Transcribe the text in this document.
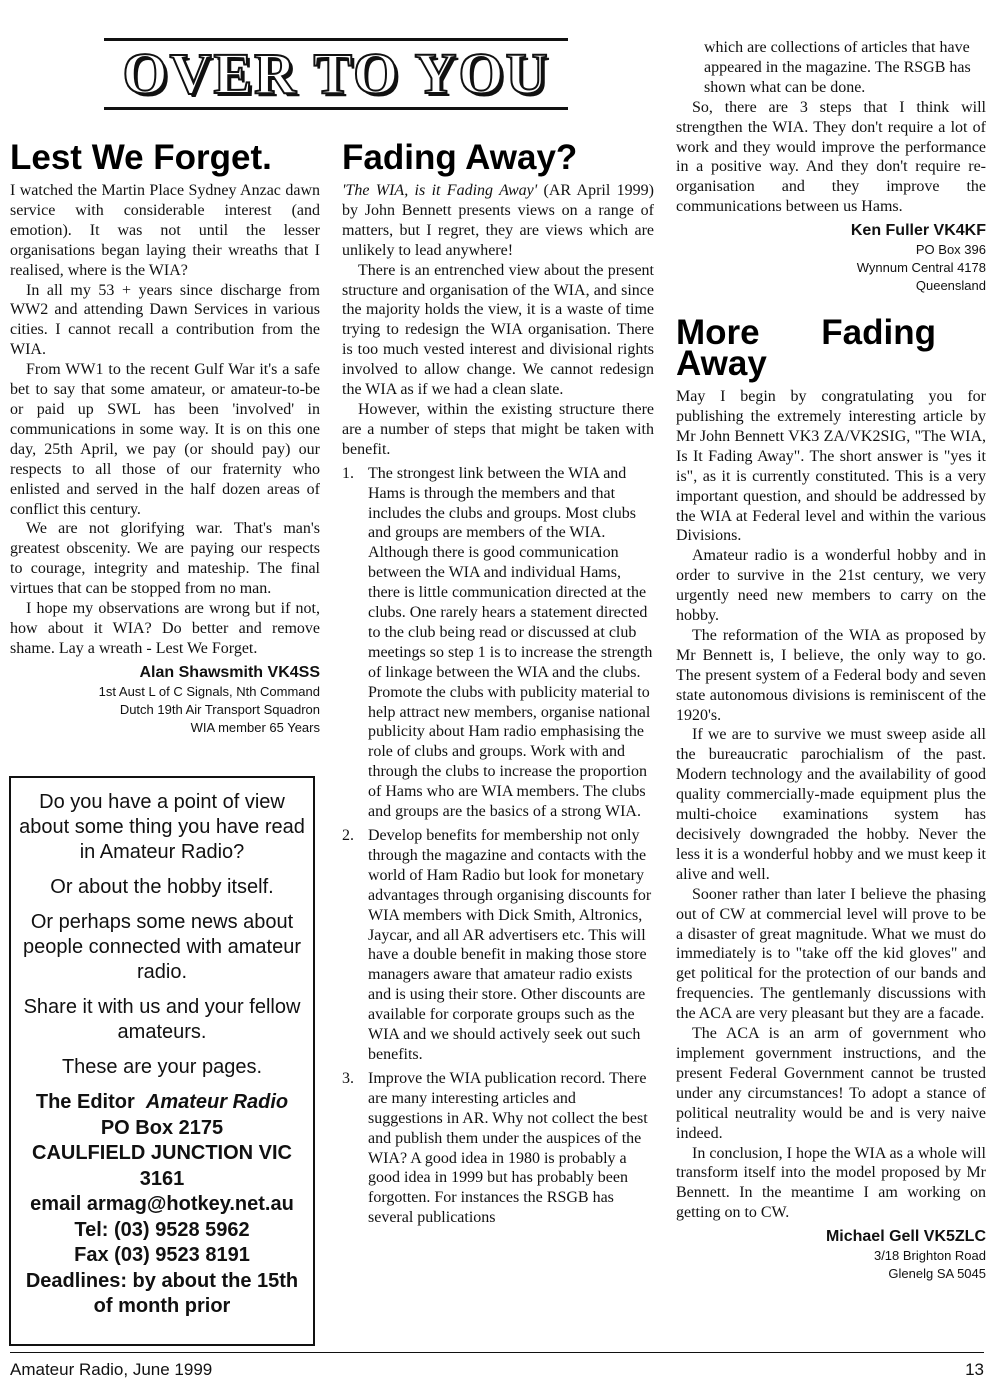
OVER TO YOU
Lest We Forget.

I watched the Martin Place Sydney Anzac dawn service with considerable interest (and emotion). It was not until the lesser organisations began laying their wreaths that I realised, where is the WIA?

In all my 53 + years since discharge from WW2 and attending Dawn Services in various cities. I cannot recall a contribution from the WIA.

From WW1 to the recent Gulf War it's a safe bet to say that some amateur, or amateur-to-be or paid up SWL has been 'involved' in communications in some way. It is on this one day, 25th April, we pay (or should pay) our respects to all those of our fraternity who enlisted and served in the half dozen areas of conflict this century.

We are not glorifying war. That's man's greatest obscenity. We are paying our respects to courage, integrity and mateship. The final virtues that can be stopped from no man.

I hope my observations are wrong but if not, how about it WIA? Do better and remove shame. Lay a wreath - Lest We Forget.

Alan Shawsmith VK4SS
1st Aust L of C Signals, Nth Command
Dutch 19th Air Transport Squadron
WIA member 65 Years

Do you have a point of view about some thing you have read in Amateur Radio?

Or about the hobby itself.

Or perhaps some news about people connected with amateur radio.

Share it with us and your fellow amateurs.

These are your pages.

The Editor Amateur Radio
PO Box 2175
CAULFIELD JUNCTION VIC
3161
email armag@hotkey.net.au
Tel: (03) 9528 5962
Fax (03) 9523 8191
Deadlines: by about the 15th of month prior
Fading Away?

'The WIA, is it Fading Away' (AR April 1999) by John Bennett presents views on a range of matters, but I regret, they are views which are unlikely to lead anywhere!

There is an entrenched view about the present structure and organisation of the WIA, and since the majority holds the view, it is a waste of time trying to redesign the WIA organisation. There is too much vested interest and divisional rights involved to allow change. We cannot redesign the WIA as if we had a clean slate.

However, within the existing structure there are a number of steps that might be taken with benefit.

1. The strongest link between the WIA and Hams is through the members and that includes the clubs and groups. Most clubs and groups are members of the WIA. Although there is good communication between the WIA and individual Hams, there is little communication directed at the clubs. One rarely hears a statement directed to the club being read or discussed at club meetings so step 1 is to increase the strength of linkage between the WIA and the clubs. Promote the clubs with publicity material to help attract new members, organise national publicity about Ham radio emphasising the role of clubs and groups. Work with and through the clubs to increase the proportion of Hams who are WIA members. The clubs and groups are the basics of a strong WIA.
2. Develop benefits for membership not only through the magazine and contacts with the world of Ham Radio but look for monetary advantages through organising discounts for WIA members with Dick Smith, Altronics, Jaycar, and all AR advertisers etc. This will have a double benefit in making those store managers aware that amateur radio exists and is using their store. Other discounts are available for corporate groups such as the WIA and we should actively seek out such benefits.
3. Improve the WIA publication record. There are many interesting articles and suggestions in AR. Why not collect the best and publish them under the auspices of the WIA? A good idea in 1980 is probably a good idea in 1999 but has probably been forgotten. For instances the RSGB has several publications

which are collections of articles that have appeared in the magazine. The RSGB has shown what can be done.

So, there are 3 steps that I think will strengthen the WIA. They don't require a lot of work and they would improve the performance in a positive way. And they don't require re-organisation and they improve the communications between us Hams.

Ken Fuller VK4KF
PO Box 396
Wynnum Central 4178
Queensland
More Fading Away

May I begin by congratulating you for publishing the extremely interesting article by Mr John Bennett VK3 ZA/VK2SIG, "The WIA, Is It Fading Away". The short answer is "yes it is", as it is currently constituted. This is a very important question, and should be addressed by the WIA at Federal level and within the various Divisions.

Amateur radio is a wonderful hobby and in order to survive in the 21st century, we very urgently need new members to carry on the hobby.

The reformation of the WIA as proposed by Mr Bennett is, I believe, the only way to go. The present system of a Federal body and seven state autonomous divisions is reminiscent of the 1920's.

If we are to survive we must sweep aside all the bureaucratic parochialism of the past. Modern technology and the availability of good quality commercially-made equipment plus the multi-choice examinations system has decisively downgraded the hobby. Never the less it is a wonderful hobby and we must keep it alive and well.

Sooner rather than later I believe the phasing out of CW at commercial level will prove to be a disaster of great magnitude. What we must do immediately is to "take off the kid gloves" and get political for the protection of our bands and frequencies. The gentlemanly discussions with the ACA are very pleasant but they are a facade.

The ACA is an arm of government who implement government instructions, and the present Federal Government cannot be trusted under any circumstances! To adopt a stance of political neutrality would be and is very naive indeed.

In conclusion, I hope the WIA as a whole will transform itself into the model proposed by Mr Bennett. In the meantime I am working on getting on to CW.

Michael Gell VK5ZLC
3/18 Brighton Road
Glenelg SA 5045
Amateur Radio, June 1999	13
